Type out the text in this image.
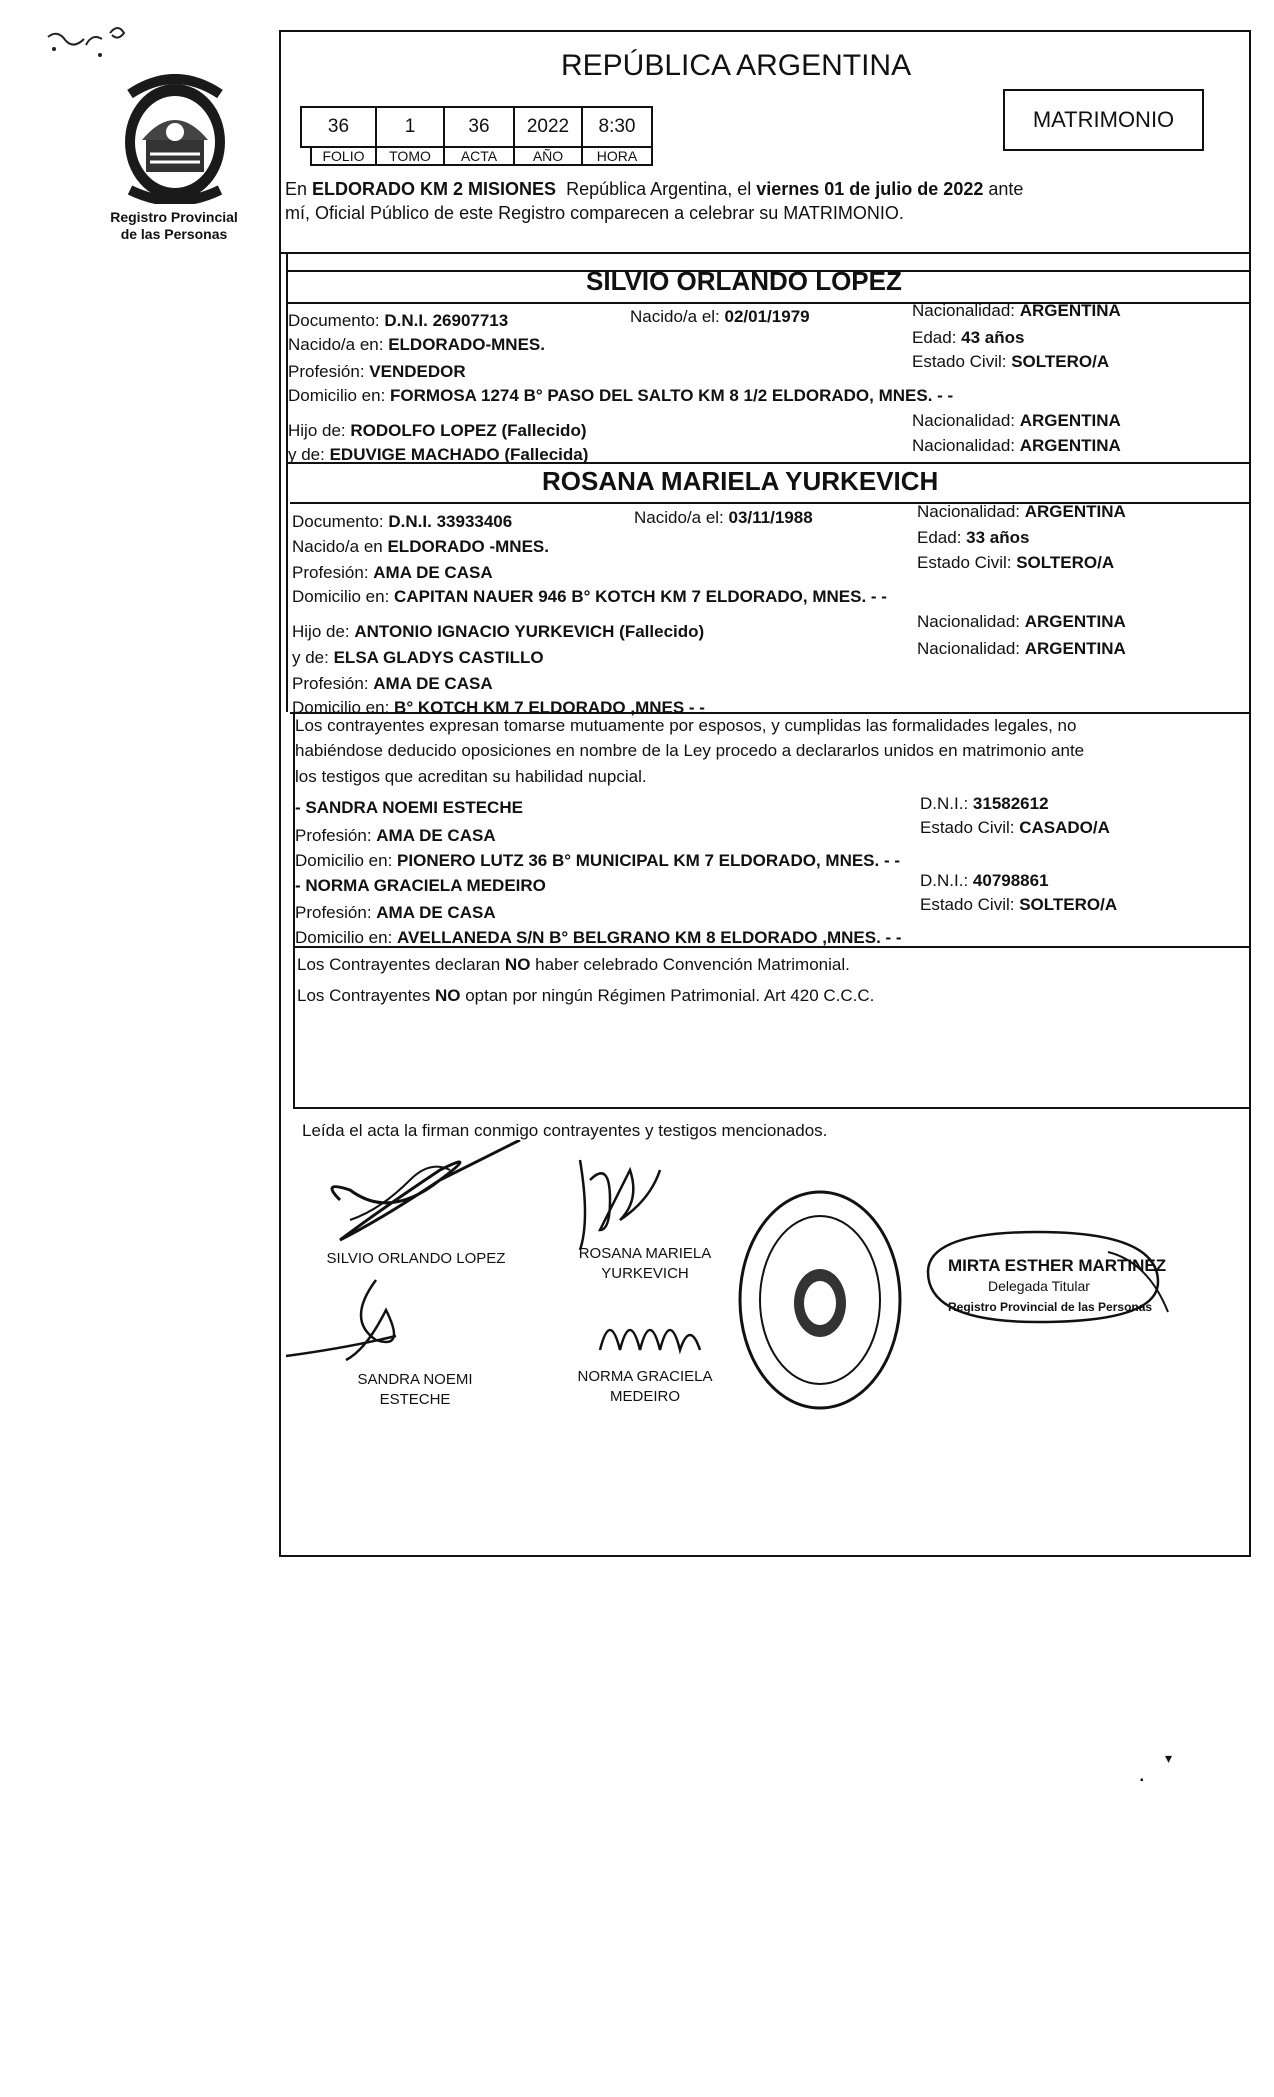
Registro Provincial
de las Personas
REPÚBLICA ARGENTINA
36	1	36	2022	8:30
FOLIO	TOMO	ACTA	AÑO	HORA
MATRIMONIO
En ELDORADO KM 2 MISIONES República Argentina, el viernes 01 de julio de 2022 ante
mí, Oficial Público de este Registro comparecen a celebrar su MATRIMONIO.
SILVIO ORLANDO LOPEZ
Documento: D.N.I. 26907713	Nacido/a el: 02/01/1979	Nacionalidad: ARGENTINA
Nacido/a en: ELDORADO-MNES.	Edad: 43 años
Profesión: VENDEDOR
Estado Civil: SOLTERO/A
Domicilio en: FORMOSA 1274 B° PASO DEL SALTO KM 8 1/2 ELDORADO, MNES. - -
Hijo de: RODOLFO LOPEZ (Fallecido)
Nacionalidad: ARGENTINA
y de: EDUVIGE MACHADO (Fallecida)	Nacionalidad: ARGENTINA
ROSANA MARIELA YURKEVICH
Documento: D.N.I. 33933406	Nacido/a el: 03/11/1988	Nacionalidad: ARGENTINA
Nacido/a en ELDORADO -MNES.	Edad: 33 años
Profesión: AMA DE CASA
Estado Civil: SOLTERO/A
Domicilio en: CAPITAN NAUER 946 B° KOTCH KM 7 ELDORADO, MNES. - -
Hijo de: ANTONIO IGNACIO YURKEVICH (Fallecido)
Nacionalidad: ARGENTINA
y de: ELSA GLADYS CASTILLO	Nacionalidad: ARGENTINA
Profesión: AMA DE CASA
Domicilio en: B° KOTCH KM 7 ELDORADO ,MNES - -
Los contrayentes expresan tomarse mutuamente por esposos, y cumplidas las formalidades legales, no
habiéndose deducido oposiciones en nombre de la Ley procedo a declararlos unidos en matrimonio ante
los testigos que acreditan su habilidad nupcial.
- SANDRA NOEMI ESTECHE	D.N.I.: 31582612
Profesión: AMA DE CASA	Estado Civil: CASADO/A
Domicilio en: PIONERO LUTZ 36 B° MUNICIPAL KM 7 ELDORADO, MNES. - -
- NORMA GRACIELA MEDEIRO	D.N.I.: 40798861
Profesión: AMA DE CASA	Estado Civil: SOLTERO/A
Domicilio en: AVELLANEDA S/N B° BELGRANO KM 8 ELDORADO ,MNES. - -
Los Contrayentes declaran NO haber celebrado Convención Matrimonial.
Los Contrayentes NO optan por ningún Régimen Patrimonial. Art 420 C.C.C.
Leída el acta la firman conmigo contrayentes y testigos mencionados.
SILVIO ORLANDO LOPEZ	ROSANA MARIELA
YURKEVICH
SANDRA NOEMI
ESTECHE
NORMA GRACIELA
MEDEIRO
MIRTA ESTHER MARTINEZ
Delegada Titular
Registro Provincial de las Personas
▾
▪
